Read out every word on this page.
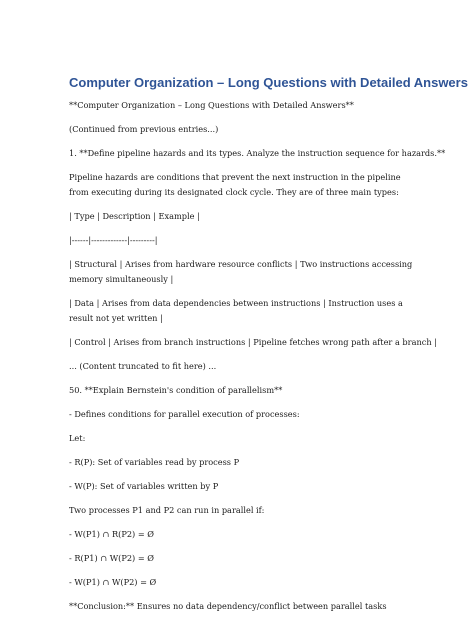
Computer Organization – Long Questions with Detailed Answers

**Computer Organization – Long Questions with Detailed Answers**

(Continued from previous entries...)

1. **Define pipeline hazards and its types. Analyze the instruction sequence for hazards.**

Pipeline hazards are conditions that prevent the next instruction in the pipeline from executing during its designated clock cycle. They are of three main types:

| Type | Description | Example |

|------|-------------|---------|

| Structural | Arises from hardware resource conflicts | Two instructions accessing memory simultaneously |

| Data | Arises from data dependencies between instructions | Instruction uses a result not yet written |

| Control | Arises from branch instructions | Pipeline fetches wrong path after a branch |

... (Content truncated to fit here) ...

50. **Explain Bernstein's condition of parallelism**

- Defines conditions for parallel execution of processes:

Let:

- R(P): Set of variables read by process P

- W(P): Set of variables written by P

Two processes P1 and P2 can run in parallel if:

- W(P1) ∩ R(P2) = Ø

- R(P1) ∩ W(P2) = Ø

- W(P1) ∩ W(P2) = Ø

**Conclusion:** Ensures no data dependency/conflict between parallel tasks
